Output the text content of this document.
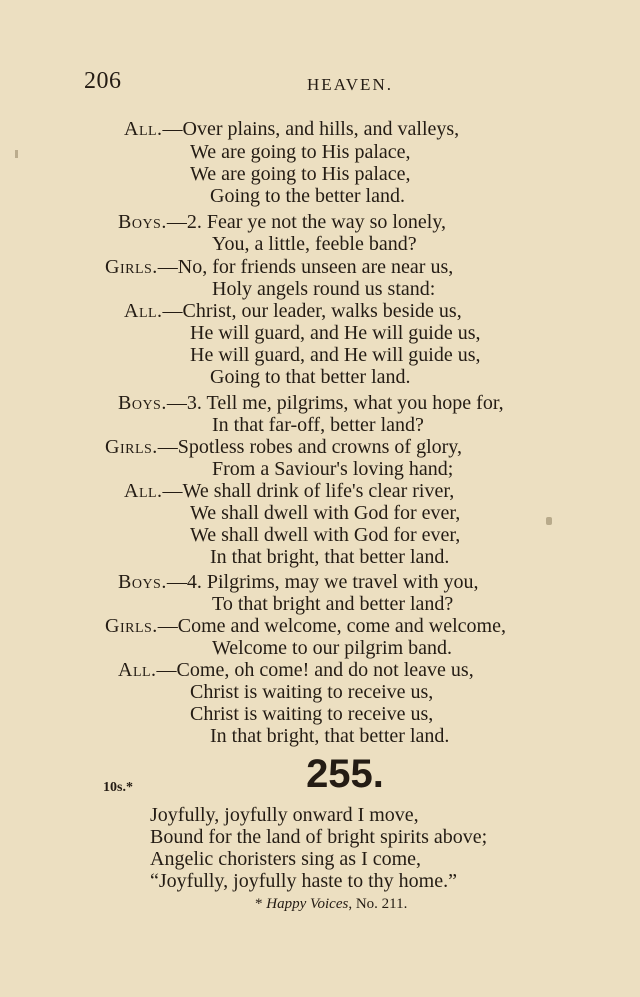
206	HEAVEN.
All.—Over plains, and hills, and valleys,
We are going to His palace,
We are going to His palace,
Going to the better land.
Boys.—2. Fear ye not the way so lonely,
You, a little, feeble band?
Girls.—No, for friends unseen are near us,
Holy angels round us stand:
All.—Christ, our leader, walks beside us,
He will guard, and He will guide us,
He will guard, and He will guide us,
Going to that better land.
Boys.—3. Tell me, pilgrims, what you hope for,
In that far-off, better land?
Girls.—Spotless robes and crowns of glory,
From a Saviour's loving hand;
All.—We shall drink of life's clear river,
We shall dwell with God for ever,
We shall dwell with God for ever,
In that bright, that better land.
Boys.—4. Pilgrims, may we travel with you,
To that bright and better land?
Girls.—Come and welcome, come and welcome,
Welcome to our pilgrim band.
All.—Come, oh come! and do not leave us,
Christ is waiting to receive us,
Christ is waiting to receive us,
In that bright, that better land.
10s.*	255.
Joyfully, joyfully onward I move,
Bound for the land of bright spirits above;
Angelic choristers sing as I come,
“Joyfully, joyfully haste to thy home.”
* Happy Voices, No. 211.
